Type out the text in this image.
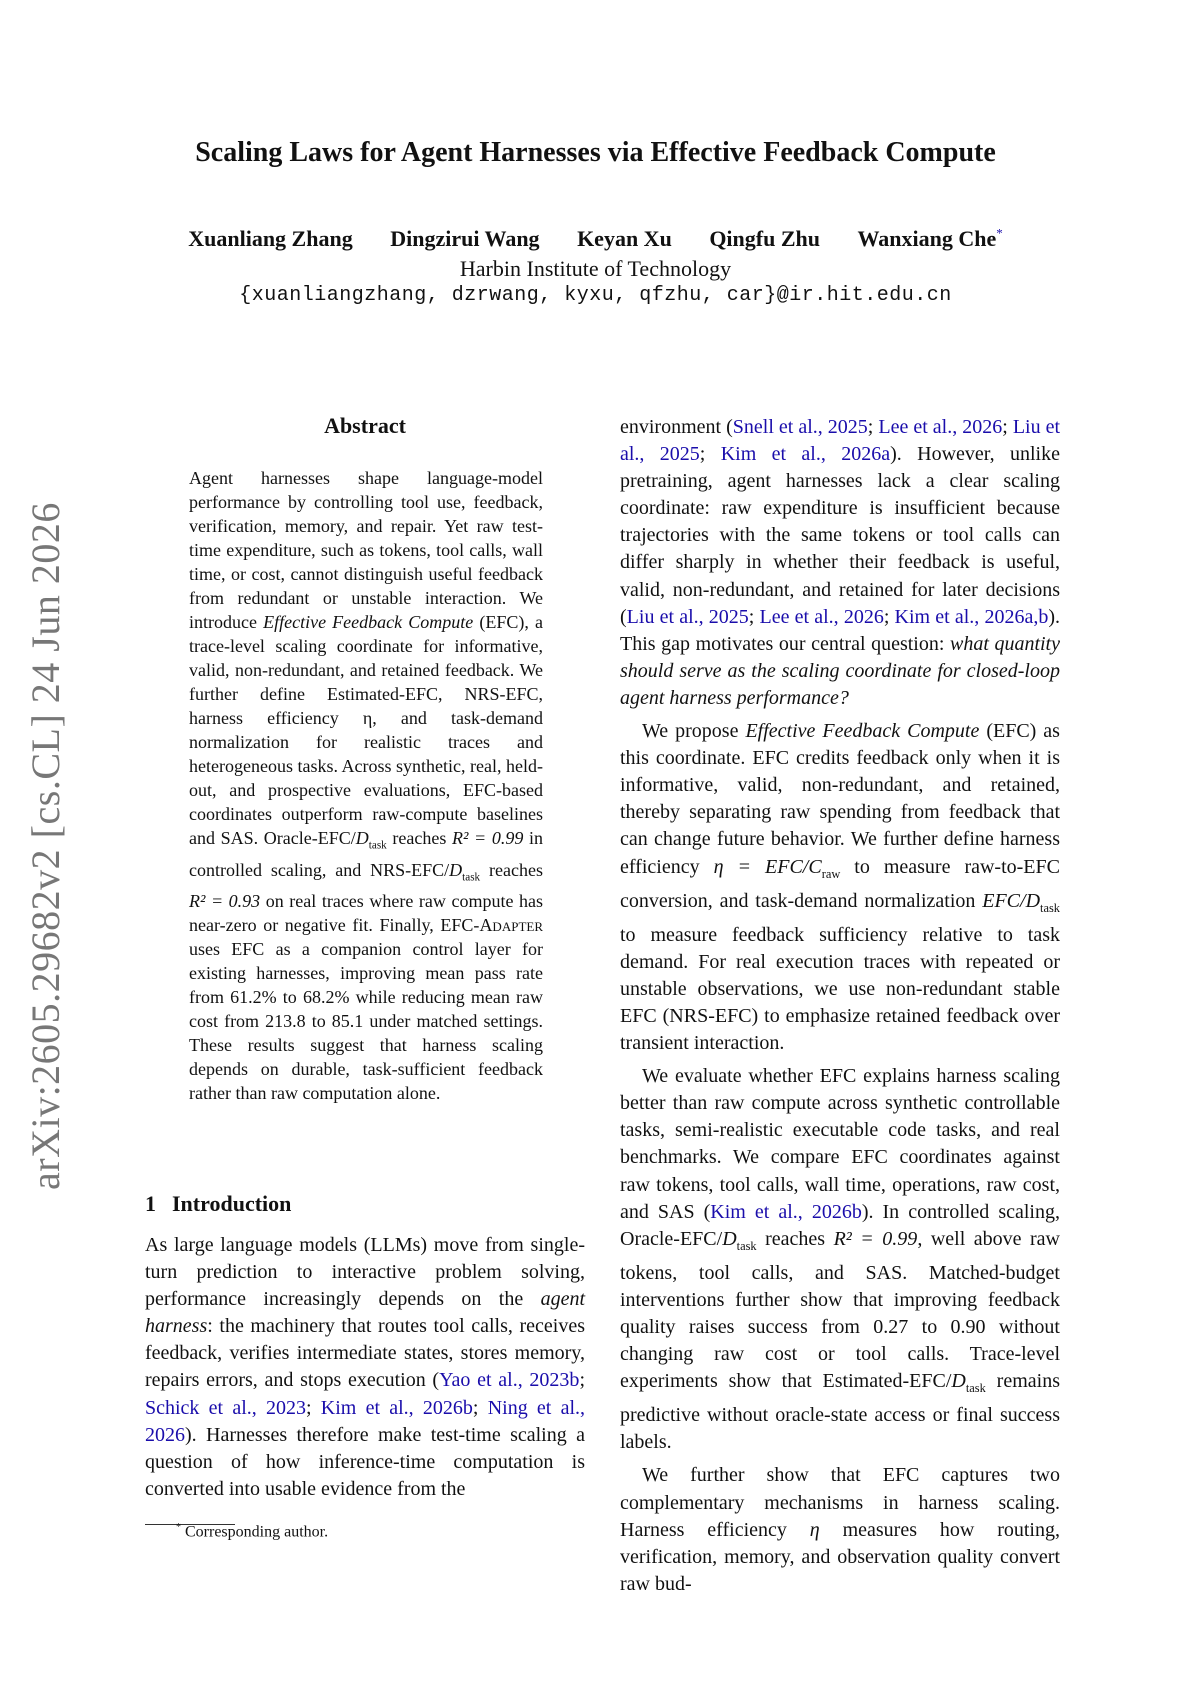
arXiv:2605.29682v2 [cs.CL] 24 Jun 2026
Scaling Laws for Agent Harnesses via Effective Feedback Compute
Xuanliang Zhang Dingzirui Wang Keyan Xu Qingfu Zhu Wanxiang Che*
Harbin Institute of Technology
{xuanliangzhang, dzrwang, kyxu, qfzhu, car}@ir.hit.edu.cn
Abstract
Agent harnesses shape language-model performance by controlling tool use, feedback, verification, memory, and repair. Yet raw test-time expenditure, such as tokens, tool calls, wall time, or cost, cannot distinguish useful feedback from redundant or unstable interaction. We introduce Effective Feedback Compute (EFC), a trace-level scaling coordinate for informative, valid, non-redundant, and retained feedback. We further define Estimated-EFC, NRS-EFC, harness efficiency η, and task-demand normalization for realistic traces and heterogeneous tasks. Across synthetic, real, held-out, and prospective evaluations, EFC-based coordinates outperform raw-compute baselines and SAS. Oracle-$EFC/D_{task}$ reaches R² = 0.99 in controlled scaling, and NRS-$EFC/D_{task}$ reaches R² = 0.93 on real traces where raw compute has near-zero or negative fit. Finally, EFC-Adapter uses EFC as a companion control layer for existing harnesses, improving mean pass rate from 61.2% to 68.2% while reducing mean raw cost from 213.8 to 85.1 under matched settings. These results suggest that harness scaling depends on durable, task-sufficient feedback rather than raw computation alone.
1 Introduction
As large language models (LLMs) move from single-turn prediction to interactive problem solving, performance increasingly depends on the agent harness: the machinery that routes tool calls, receives feedback, verifies intermediate states, stores memory, repairs errors, and stops execution (Yao et al., 2023b; Schick et al., 2023; Kim et al., 2026b; Ning et al., 2026). Harnesses therefore make test-time scaling a question of how inference-time computation is converted into usable evidence from the
* Corresponding author.

environment (Snell et al., 2025; Lee et al., 2026; Liu et al., 2025; Kim et al., 2026a). However, unlike pretraining, agent harnesses lack a clear scaling coordinate: raw expenditure is insufficient because trajectories with the same tokens or tool calls can differ sharply in whether their feedback is useful, valid, non-redundant, and retained for later decisions (Liu et al., 2025; Lee et al., 2026; Kim et al., 2026a,b). This gap motivates our central question: what quantity should serve as the scaling coordinate for closed-loop agent harness performance?

We propose Effective Feedback Compute (EFC) as this coordinate. EFC credits feedback only when it is informative, valid, non-redundant, and retained, thereby separating raw spending from feedback that can change future behavior. We further define harness efficiency η = EFC/$C_{raw}$ to measure raw-to-EFC conversion, and task-demand normalization EFC/$D_{task}$ to measure feedback sufficiency relative to task demand. For real execution traces with repeated or unstable observations, we use non-redundant stable EFC (NRS-EFC) to emphasize retained feedback over transient interaction.

We evaluate whether EFC explains harness scaling better than raw compute across synthetic controllable tasks, semi-realistic executable code tasks, and real benchmarks. We compare EFC coordinates against raw tokens, tool calls, wall time, operations, raw cost, and SAS (Kim et al., 2026b). In controlled scaling, Oracle-$EFC/D_{task}$ reaches R² = 0.99, well above raw tokens, tool calls, and SAS. Matched-budget interventions further show that improving feedback quality raises success from 0.27 to 0.90 without changing raw cost or tool calls. Trace-level experiments show that Estimated-$EFC/D_{task}$ remains predictive without oracle-state access or final success labels.

We further show that EFC captures two complementary mechanisms in harness scaling. Harness efficiency η measures how routing, verification, memory, and observation quality convert raw bud-
